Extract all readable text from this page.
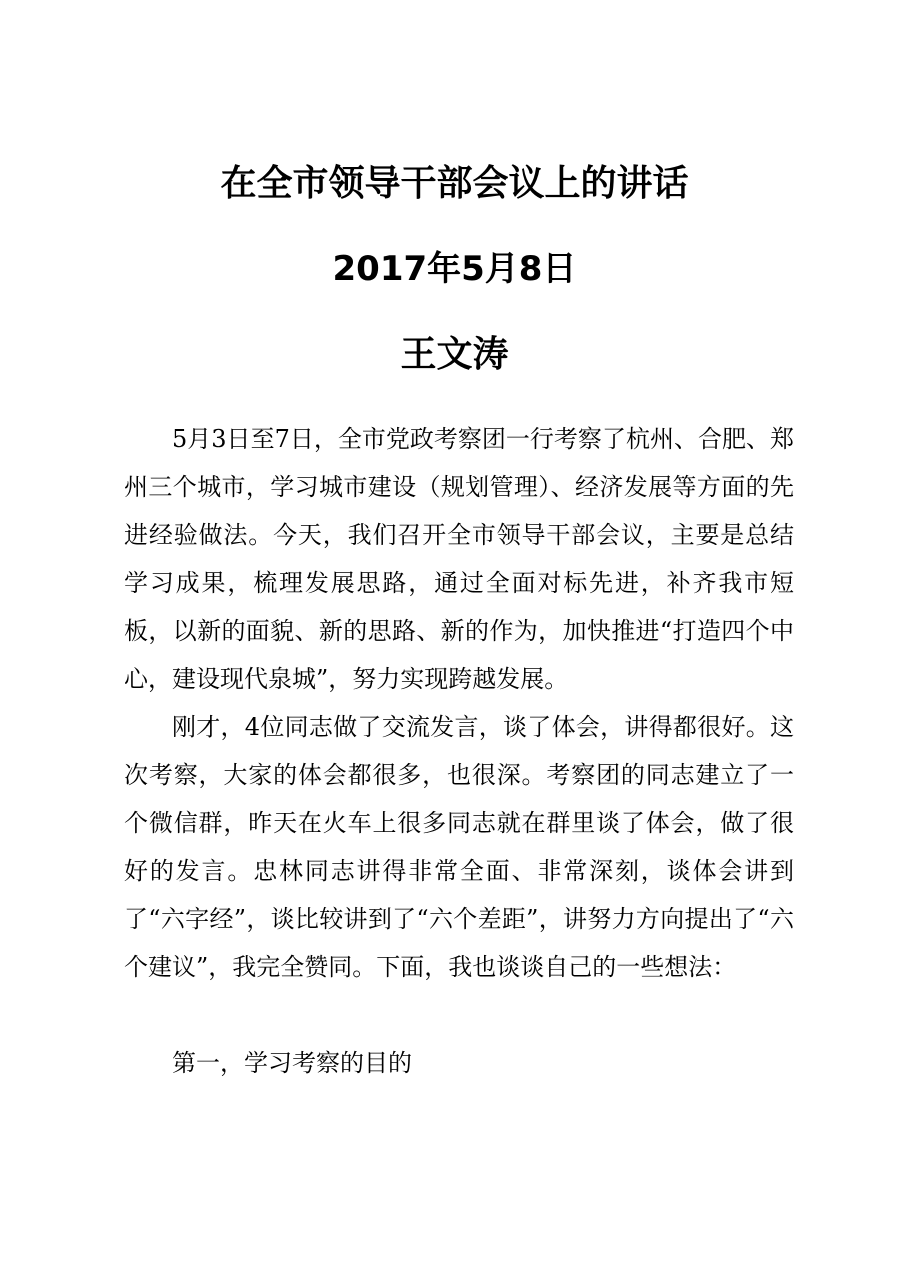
在全市领导干部会议上的讲话
2017年5月8日
王文涛

5月3日至7日，全市党政考察团一行考察了杭州、合肥、郑州三个城市，学习城市建设（规划管理）、经济发展等方面的先进经验做法。今天，我们召开全市领导干部会议，主要是总结学习成果，梳理发展思路，通过全面对标先进，补齐我市短板，以新的面貌、新的思路、新的作为，加快推进“打造四个中心，建设现代泉城”，努力实现跨越发展。

刚才，4位同志做了交流发言，谈了体会，讲得都很好。这次考察，大家的体会都很多，也很深。考察团的同志建立了一个微信群，昨天在火车上很多同志就在群里谈了体会，做了很好的发言。忠林同志讲得非常全面、非常深刻，谈体会讲到了“六字经”，谈比较讲到了“六个差距”，讲努力方向提出了“六个建议”，我完全赞同。下面，我也谈谈自己的一些想法：

第一，学习考察的目的
